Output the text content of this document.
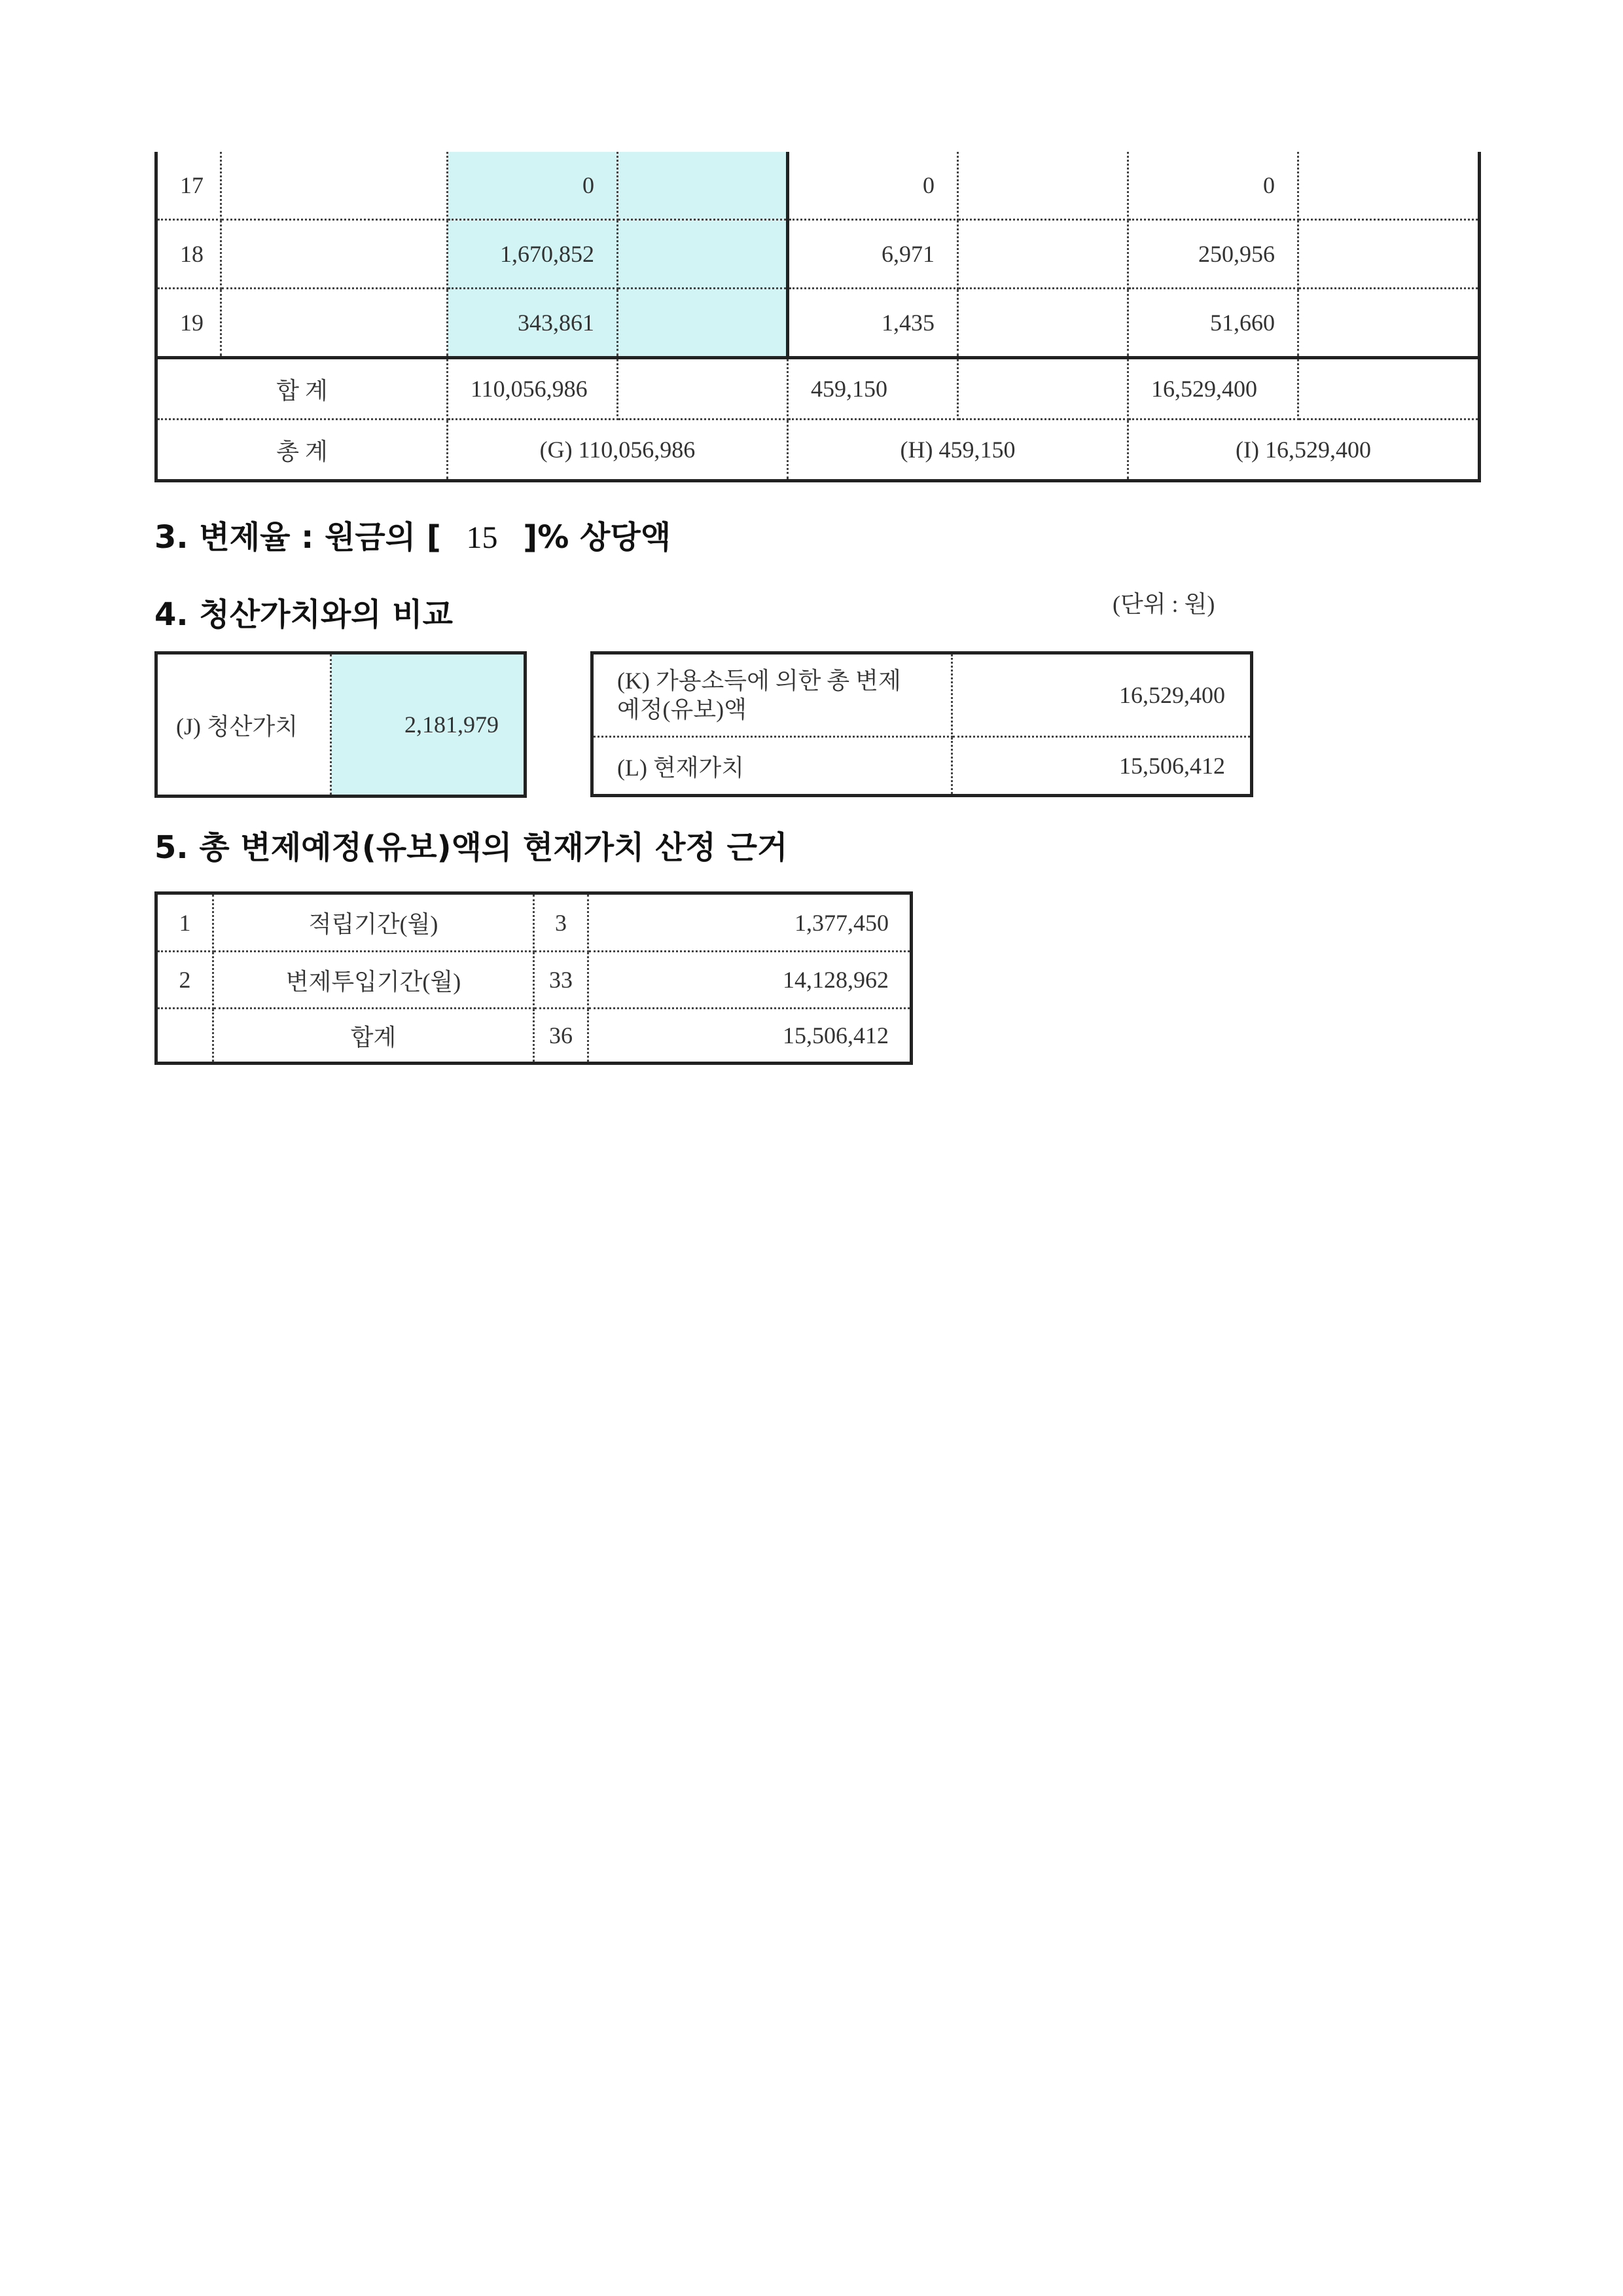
17		0		0		0	
18		1,670,852		6,971		250,956	
19		343,861		1,435		51,660	
합 계		110,056,986		459,150		16,529,400	
총 계		(G) 110,056,986		(H) 459,150		(I) 16,529,400	
3. 변제율 : 원금의 [ 15 ]% 상당액
4. 청산가치와의 비교	(단위 : 원)
(J) 청산가치	2,181,979
(K) 가용소득에 의한 총 변제
예정(유보)액	16,529,400
(L) 현재가치	15,506,412
5. 총 변제예정(유보)액의 현재가치 산정 근거
1	적립기간(월)	3	1,377,450
2	변제투입기간(월)	33	14,128,962
	합계	36	15,506,412
